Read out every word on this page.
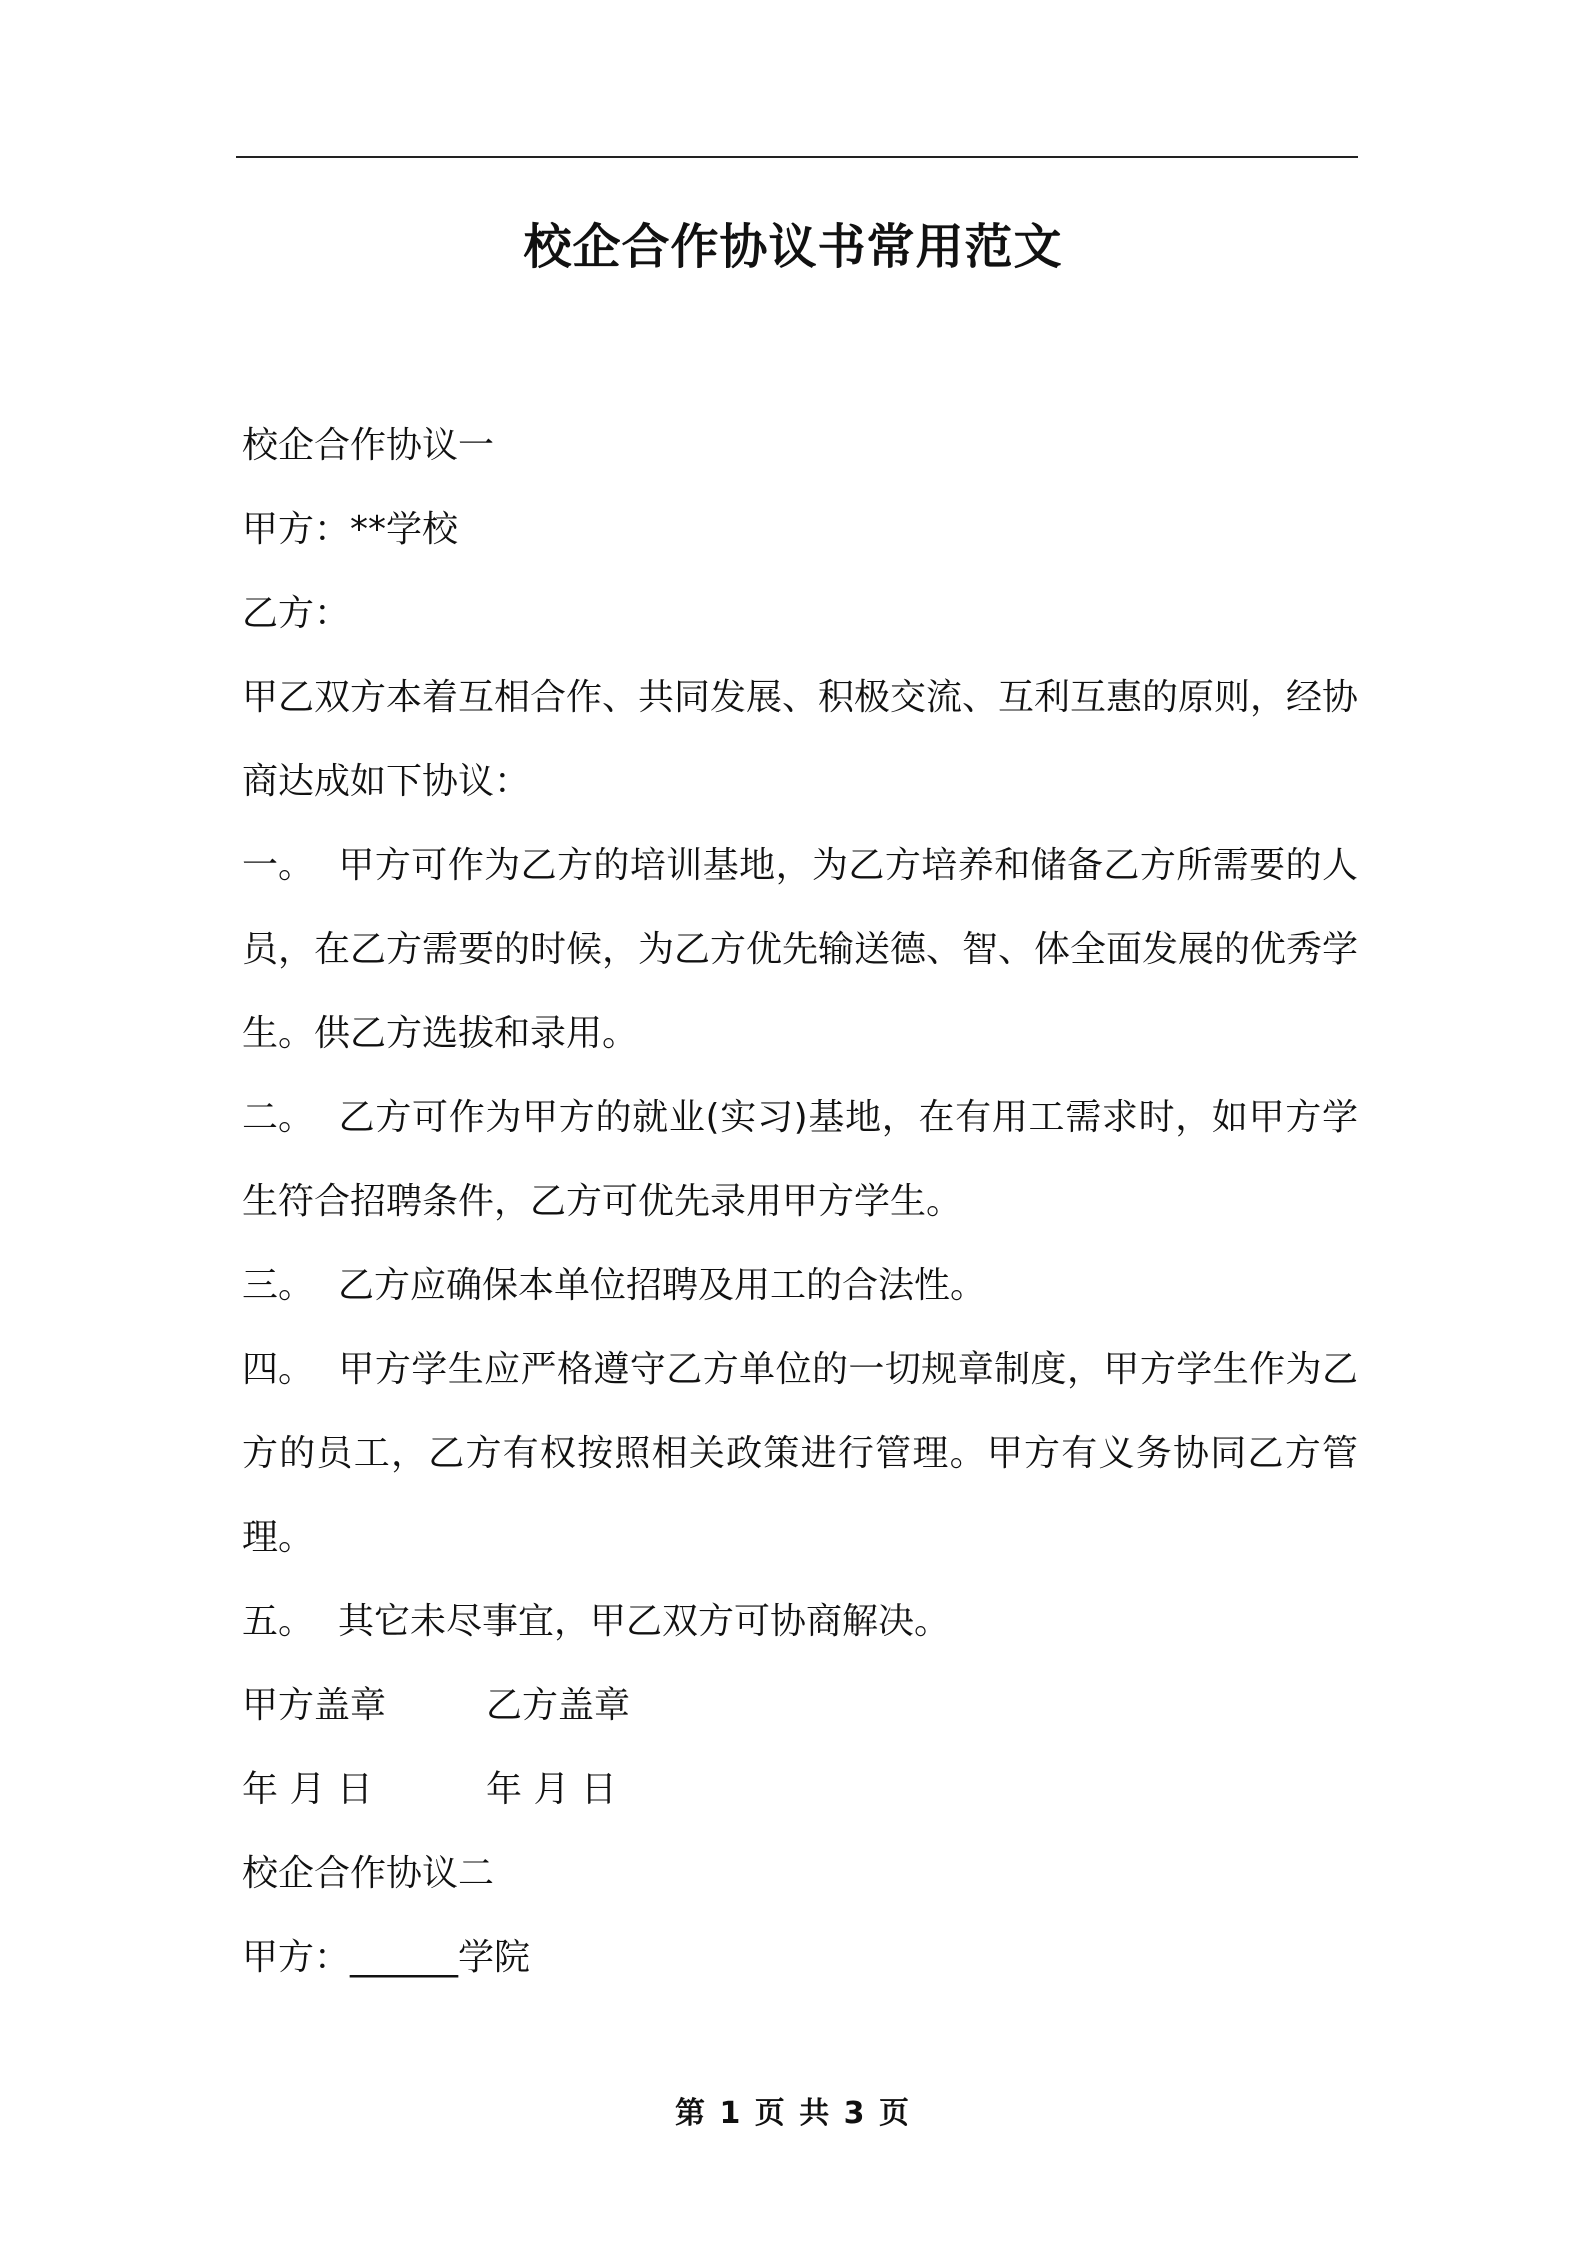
校企合作协议书常用范文

校企合作协议一

甲方：**学校

乙方：

甲乙双方本着互相合作、共同发展、积极交流、互利互惠的原则，经协商达成如下协议：

一。 甲方可作为乙方的培训基地，为乙方培养和储备乙方所需要的人员，在乙方需要的时候，为乙方优先输送德、智、体全面发展的优秀学生。供乙方选拔和录用。

二。 乙方可作为甲方的就业(实习)基地，在有用工需求时，如甲方学生符合招聘条件，乙方可优先录用甲方学生。

三。 乙方应确保本单位招聘及用工的合法性。

四。 甲方学生应严格遵守乙方单位的一切规章制度，甲方学生作为乙方的员工，乙方有权按照相关政策进行管理。甲方有义务协同乙方管理。

五。 其它未尽事宜，甲乙双方可协商解决。

甲方盖章	乙方盖章

年 月 日	年 月 日

校企合作协议二

甲方：______学院

第 1 页 共 3 页
